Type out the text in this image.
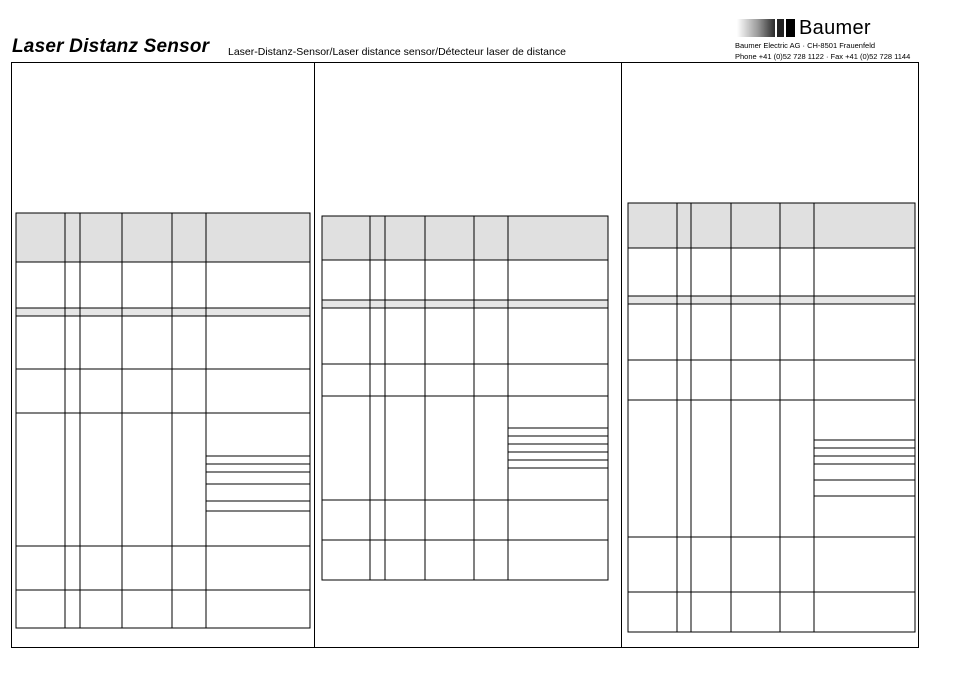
Laser Distanz Sensor Laser-Distanz-Sensor/Laser distance sensor/Détecteur laser de distance
Baumer
Baumer Electric AG · CH-8501 Frauenfeld
Phone +41 (0)52 728 1122 · Fax +41 (0)52 728 1144
